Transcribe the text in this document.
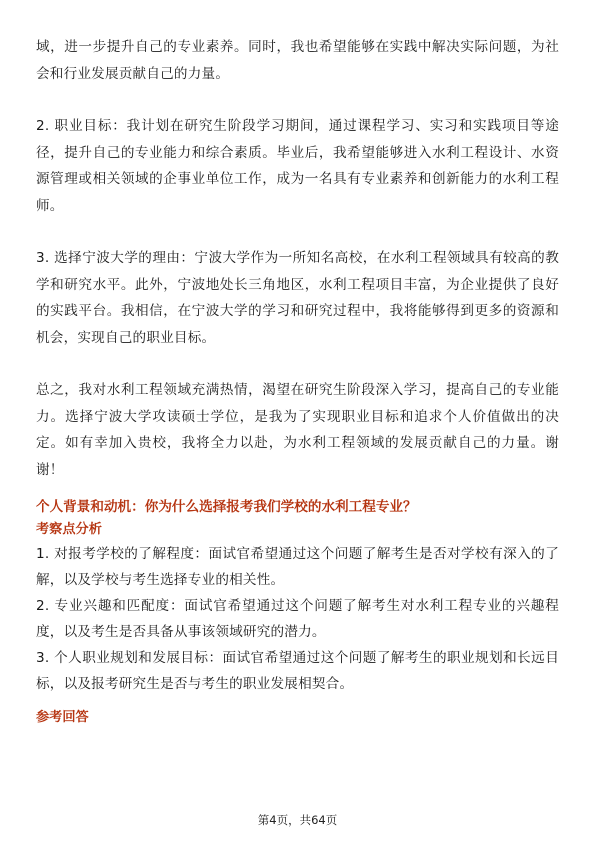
域，进一步提升自己的专业素养。同时，我也希望能够在实践中解决实际问题，为社会和行业发展贡献自己的力量。

2. 职业目标：我计划在研究生阶段学习期间，通过课程学习、实习和实践项目等途径，提升自己的专业能力和综合素质。毕业后，我希望能够进入水利工程设计、水资源管理或相关领域的企事业单位工作，成为一名具有专业素养和创新能力的水利工程师。

3. 选择宁波大学的理由：宁波大学作为一所知名高校，在水利工程领域具有较高的教学和研究水平。此外，宁波地处长三角地区，水利工程项目丰富，为企业提供了良好的实践平台。我相信，在宁波大学的学习和研究过程中，我将能够得到更多的资源和机会，实现自己的职业目标。

总之，我对水利工程领域充满热情，渴望在研究生阶段深入学习，提高自己的专业能力。选择宁波大学攻读硕士学位，是我为了实现职业目标和追求个人价值做出的决定。如有幸加入贵校，我将全力以赴，为水利工程领域的发展贡献自己的力量。谢谢！

个人背景和动机：你为什么选择报考我们学校的水利工程专业？

考察点分析

1. 对报考学校的了解程度：面试官希望通过这个问题了解考生是否对学校有深入的了解，以及学校与考生选择专业的相关性。

2. 专业兴趣和匹配度：面试官希望通过这个问题了解考生对水利工程专业的兴趣程度，以及考生是否具备从事该领域研究的潜力。

3. 个人职业规划和发展目标：面试官希望通过这个问题了解考生的职业规划和长远目标，以及报考研究生是否与考生的职业发展相契合。

参考回答

第4页，共64页
